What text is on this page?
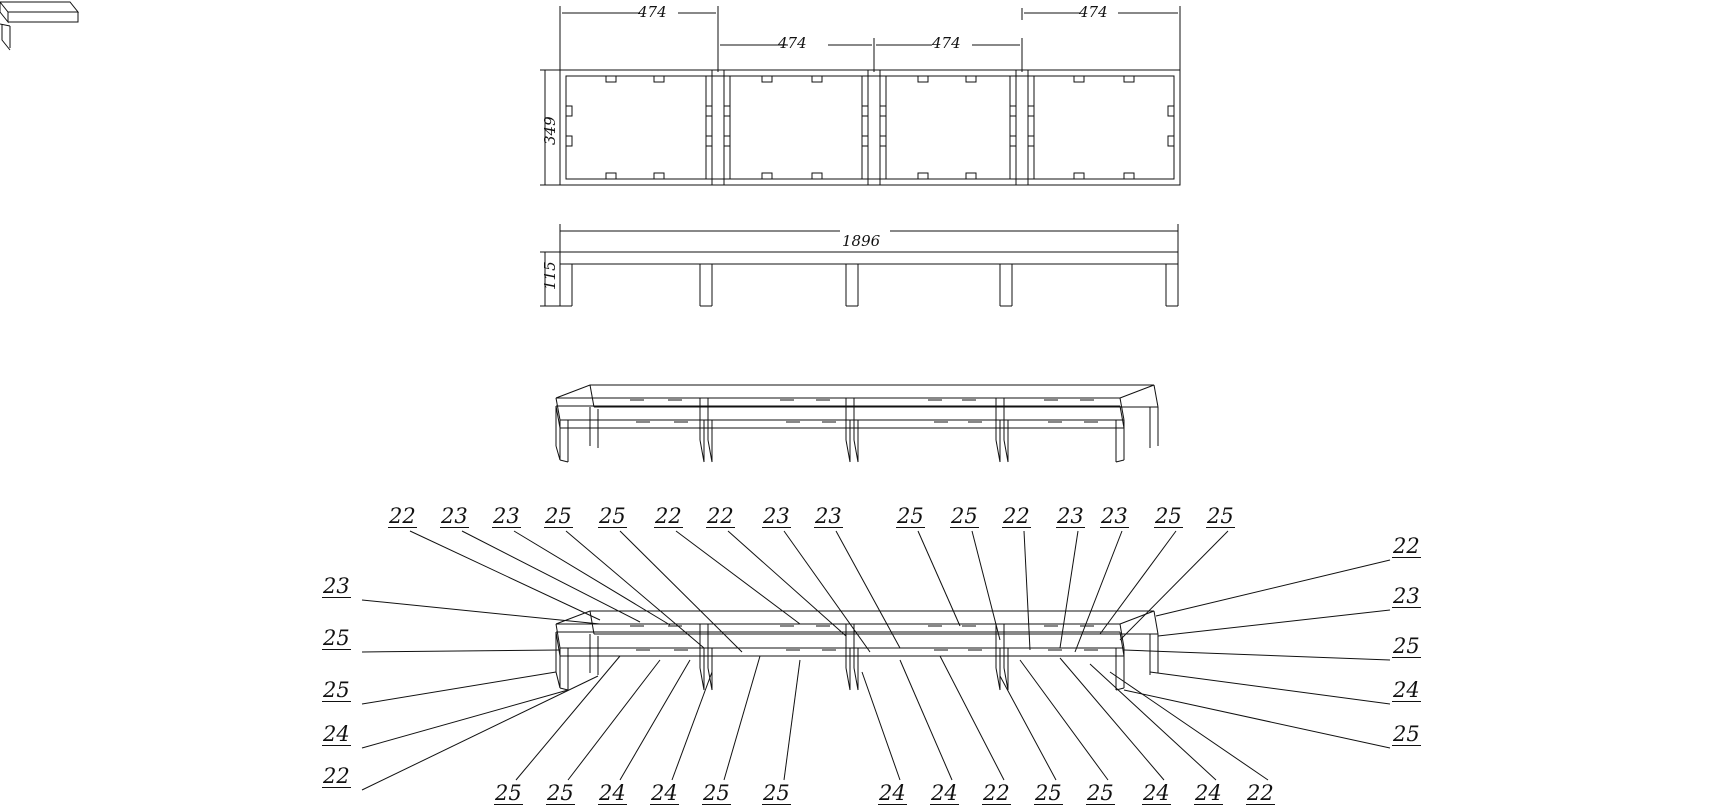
474
474	474
474
349
1896
115
22 23 23 25 25 22 22 23 23	25 25 22 23 23 25 25
23
25
25
24
22
22
23
25
24
25
25 25 24 24 25 25	24 24 22 25 25 24 24 22
